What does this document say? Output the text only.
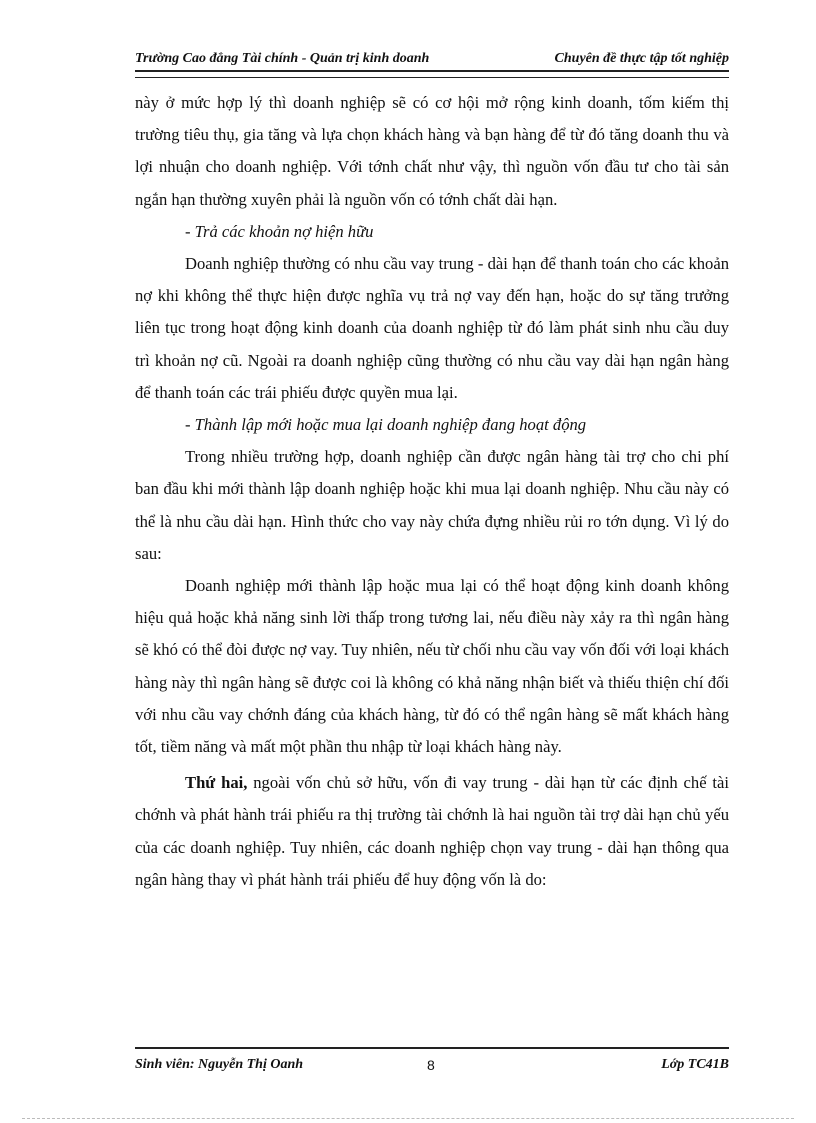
Trường Cao đẳng Tài chính - Quản trị kinh doanh	Chuyên đề thực tập tốt nghiệp

này ở mức hợp lý thì doanh nghiệp sẽ có cơ hội mở rộng kinh doanh, tốm kiếm thị trường tiêu thụ, gia tăng và lựa chọn khách hàng và bạn hàng để từ đó tăng doanh thu và lợi nhuận cho doanh nghiệp. Với tớnh chất như vậy, thì nguồn vốn đầu tư cho tài sản ngắn hạn thường xuyên phải là nguồn vốn có tớnh chất dài hạn.

- Trả các khoản nợ hiện hữu

Doanh nghiệp thường có nhu cầu vay trung - dài hạn để thanh toán cho các khoản nợ khi không thể thực hiện được nghĩa vụ trả nợ vay đến hạn, hoặc do sự tăng trưởng liên tục trong hoạt động kinh doanh của doanh nghiệp từ đó làm phát sinh nhu cầu duy trì khoản nợ cũ. Ngoài ra doanh nghiệp cũng thường có nhu cầu vay dài hạn ngân hàng để thanh toán các trái phiếu được quyền mua lại.

- Thành lập mới hoặc mua lại doanh nghiệp đang hoạt động

Trong nhiều trường hợp, doanh nghiệp cần được ngân hàng tài trợ cho chi phí ban đầu khi mới thành lập doanh nghiệp hoặc khi mua lại doanh nghiệp. Nhu cầu này có thể là nhu cầu dài hạn. Hình thức cho vay này chứa đựng nhiều rủi ro tớn dụng. Vì lý do sau:

Doanh nghiệp mới thành lập hoặc mua lại có thể hoạt động kinh doanh không hiệu quả hoặc khả năng sinh lời thấp trong tương lai, nếu điều này xảy ra thì ngân hàng sẽ khó có thể đòi được nợ vay. Tuy nhiên, nếu từ chối nhu cầu vay vốn đối với loại khách hàng này thì ngân hàng sẽ được coi là không có khả năng nhận biết và thiếu thiện chí đối với nhu cầu vay chớnh đáng của khách hàng, từ đó có thể ngân hàng sẽ mất khách hàng tốt, tiềm năng và mất một phần thu nhập từ loại khách hàng này.

Thứ hai, ngoài vốn chủ sở hữu, vốn đi vay trung - dài hạn từ các định chế tài chớnh và phát hành trái phiếu ra thị trường tài chớnh là hai nguồn tài trợ dài hạn chủ yếu của các doanh nghiệp. Tuy nhiên, các doanh nghiệp chọn vay trung - dài hạn thông qua ngân hàng thay vì phát hành trái phiếu để huy động vốn là do:

Sinh viên: Nguyễn Thị Oanh	8	Lớp TC41B
